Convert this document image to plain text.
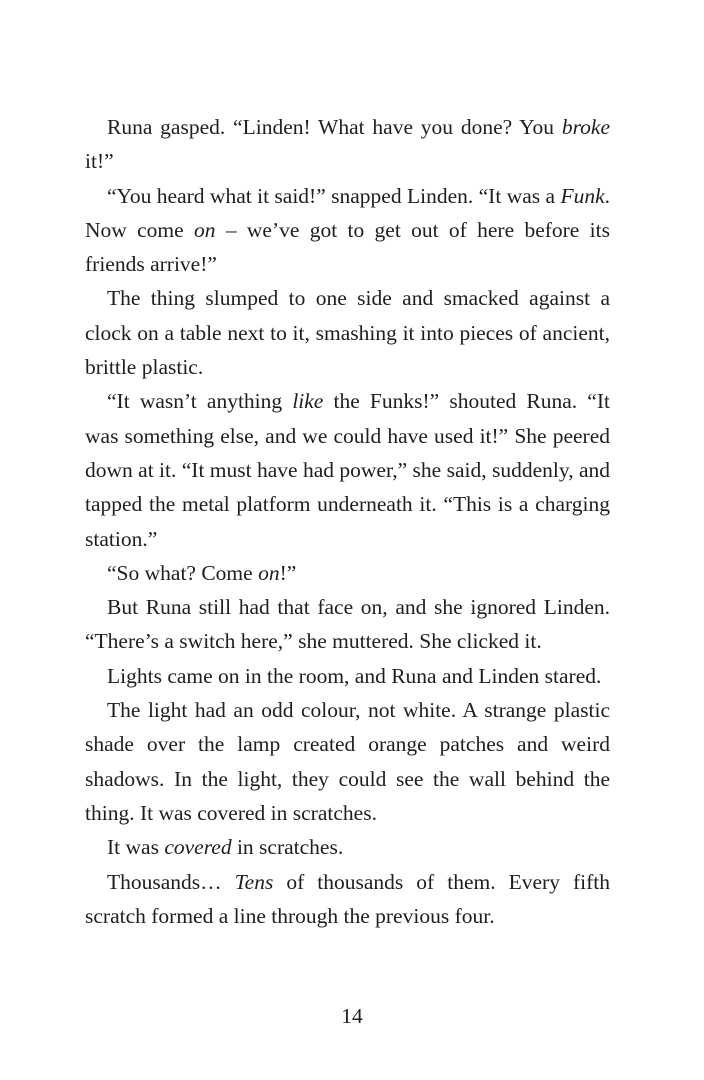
Runa gasped. “Linden! What have you done? You broke it!”

“You heard what it said!” snapped Linden. “It was a Funk. Now come on – we’ve got to get out of here before its friends arrive!”

The thing slumped to one side and smacked against a clock on a table next to it, smashing it into pieces of ancient, brittle plastic.

“It wasn’t anything like the Funks!” shouted Runa. “It was something else, and we could have used it!” She peered down at it. “It must have had power,” she said, suddenly, and tapped the metal platform underneath it. “This is a charging station.”

“So what? Come on!”

But Runa still had that face on, and she ignored Linden. “There’s a switch here,” she muttered. She clicked it.

Lights came on in the room, and Runa and Linden stared.

The light had an odd colour, not white. A strange plastic shade over the lamp created orange patches and weird shadows. In the light, they could see the wall behind the thing. It was covered in scratches.

It was covered in scratches.

Thousands… Tens of thousands of them. Every fifth scratch formed a line through the previous four.

14
